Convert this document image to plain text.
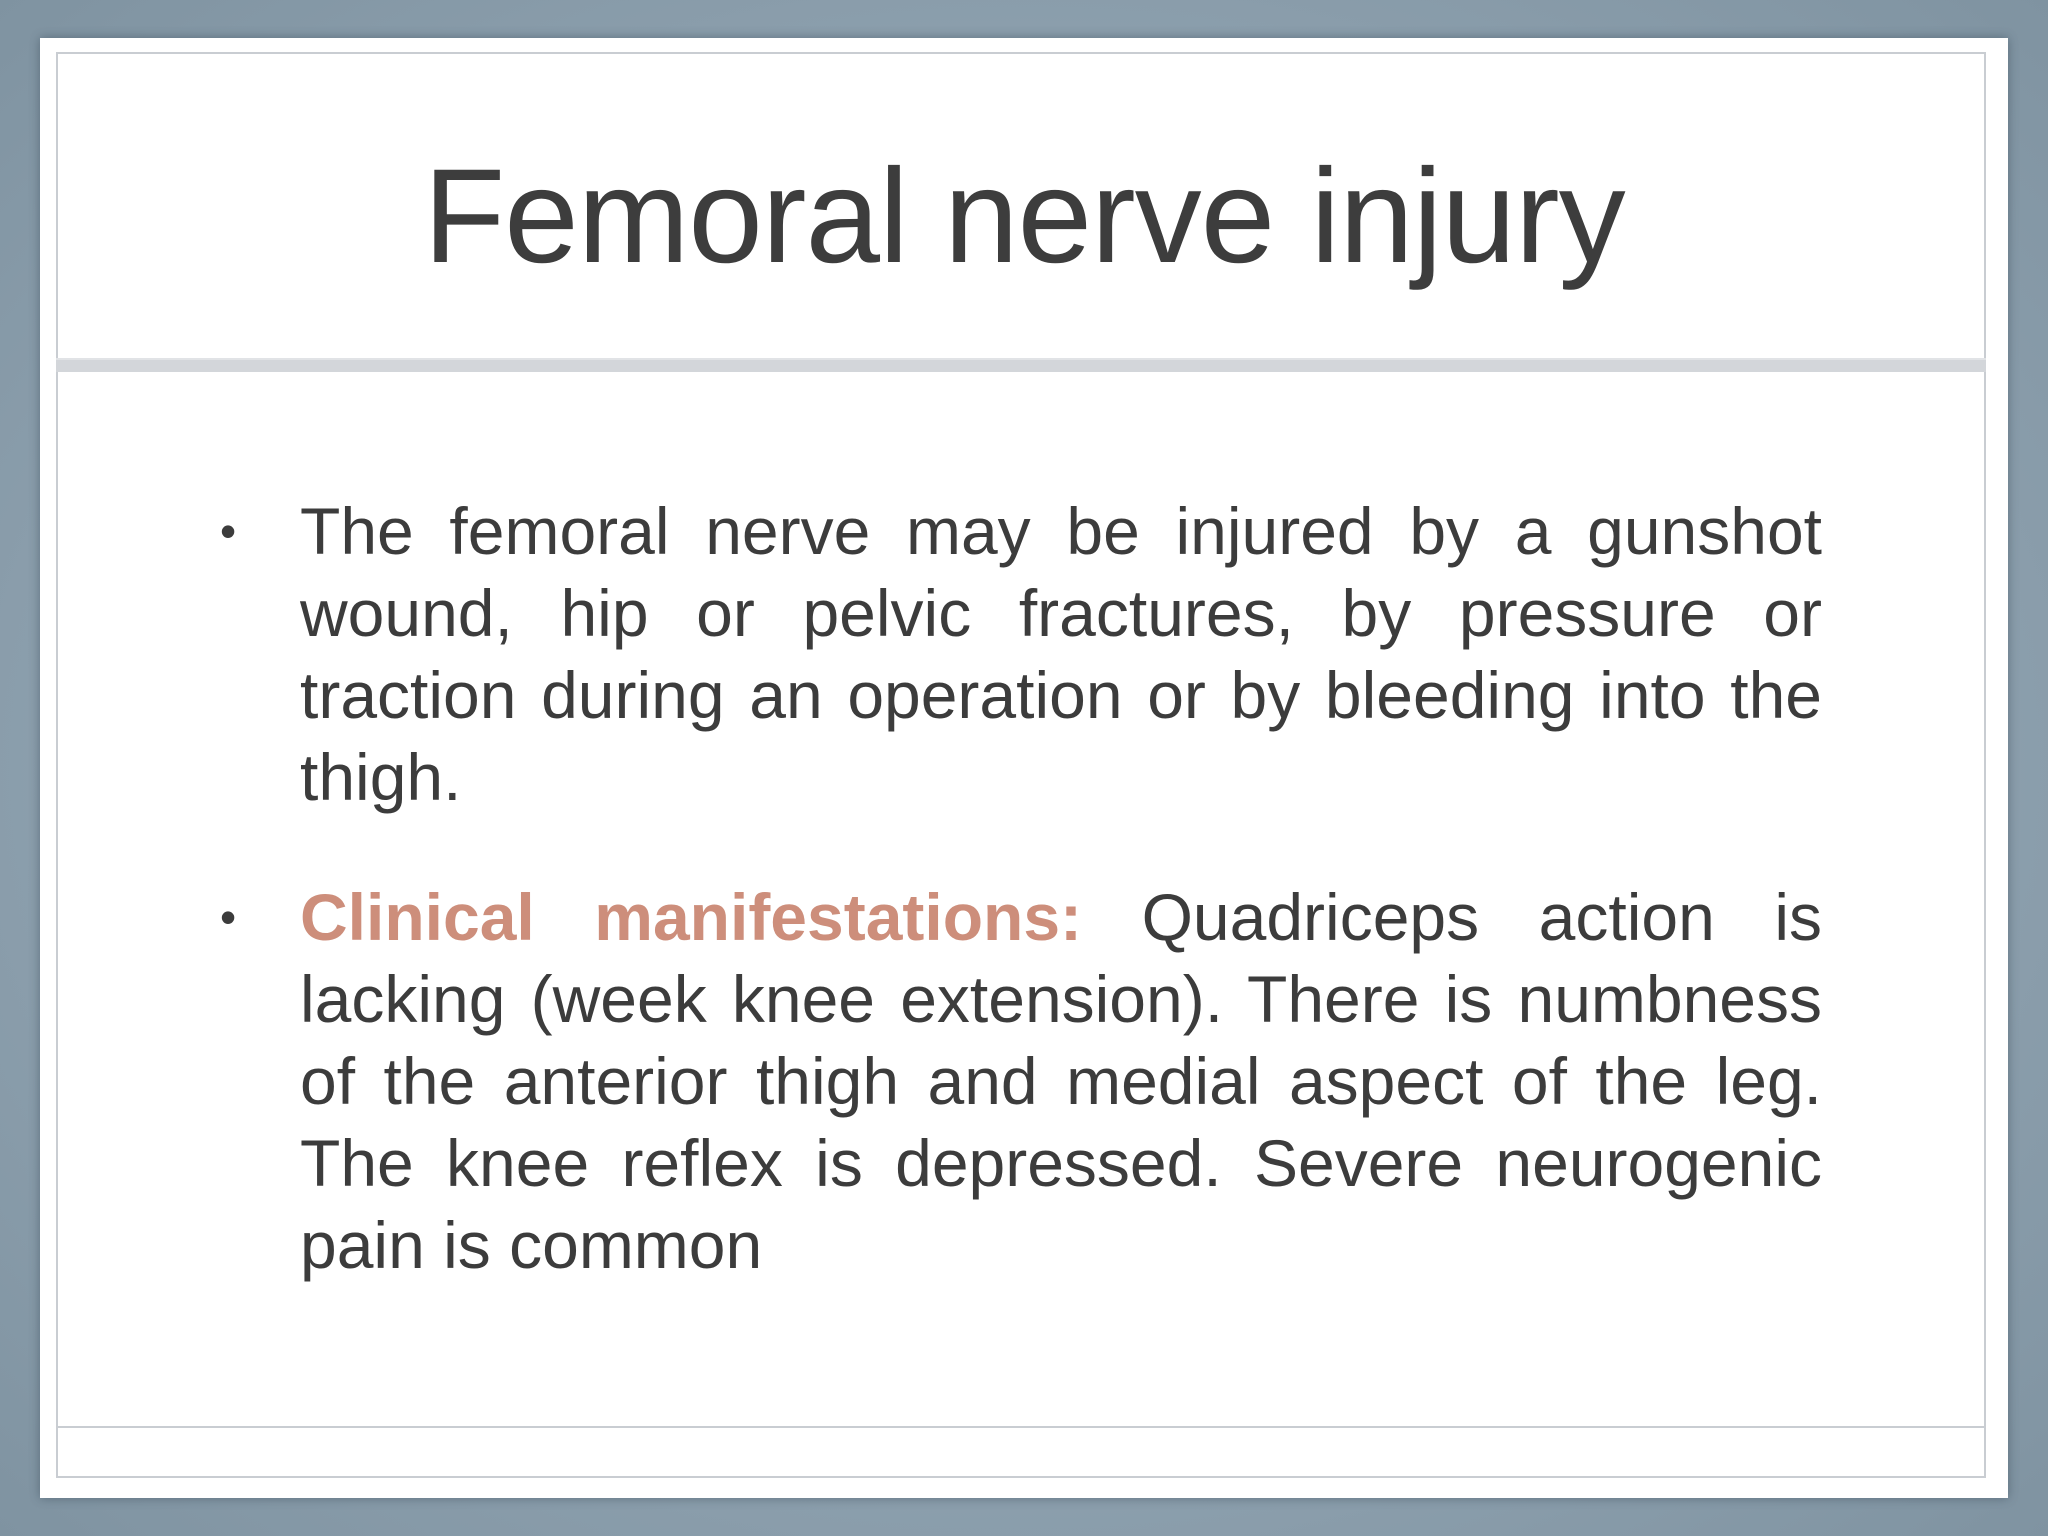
Femoral nerve injury
• The femoral nerve may be injured by a gunshot wound, hip or pelvic fractures, by pressure or traction during an operation or by bleeding into the thigh.
• Clinical manifestations: Quadriceps action is lacking (week knee extension). There is numbness of the anterior thigh and medial aspect of the leg. The knee reflex is depressed. Severe neurogenic pain is common
